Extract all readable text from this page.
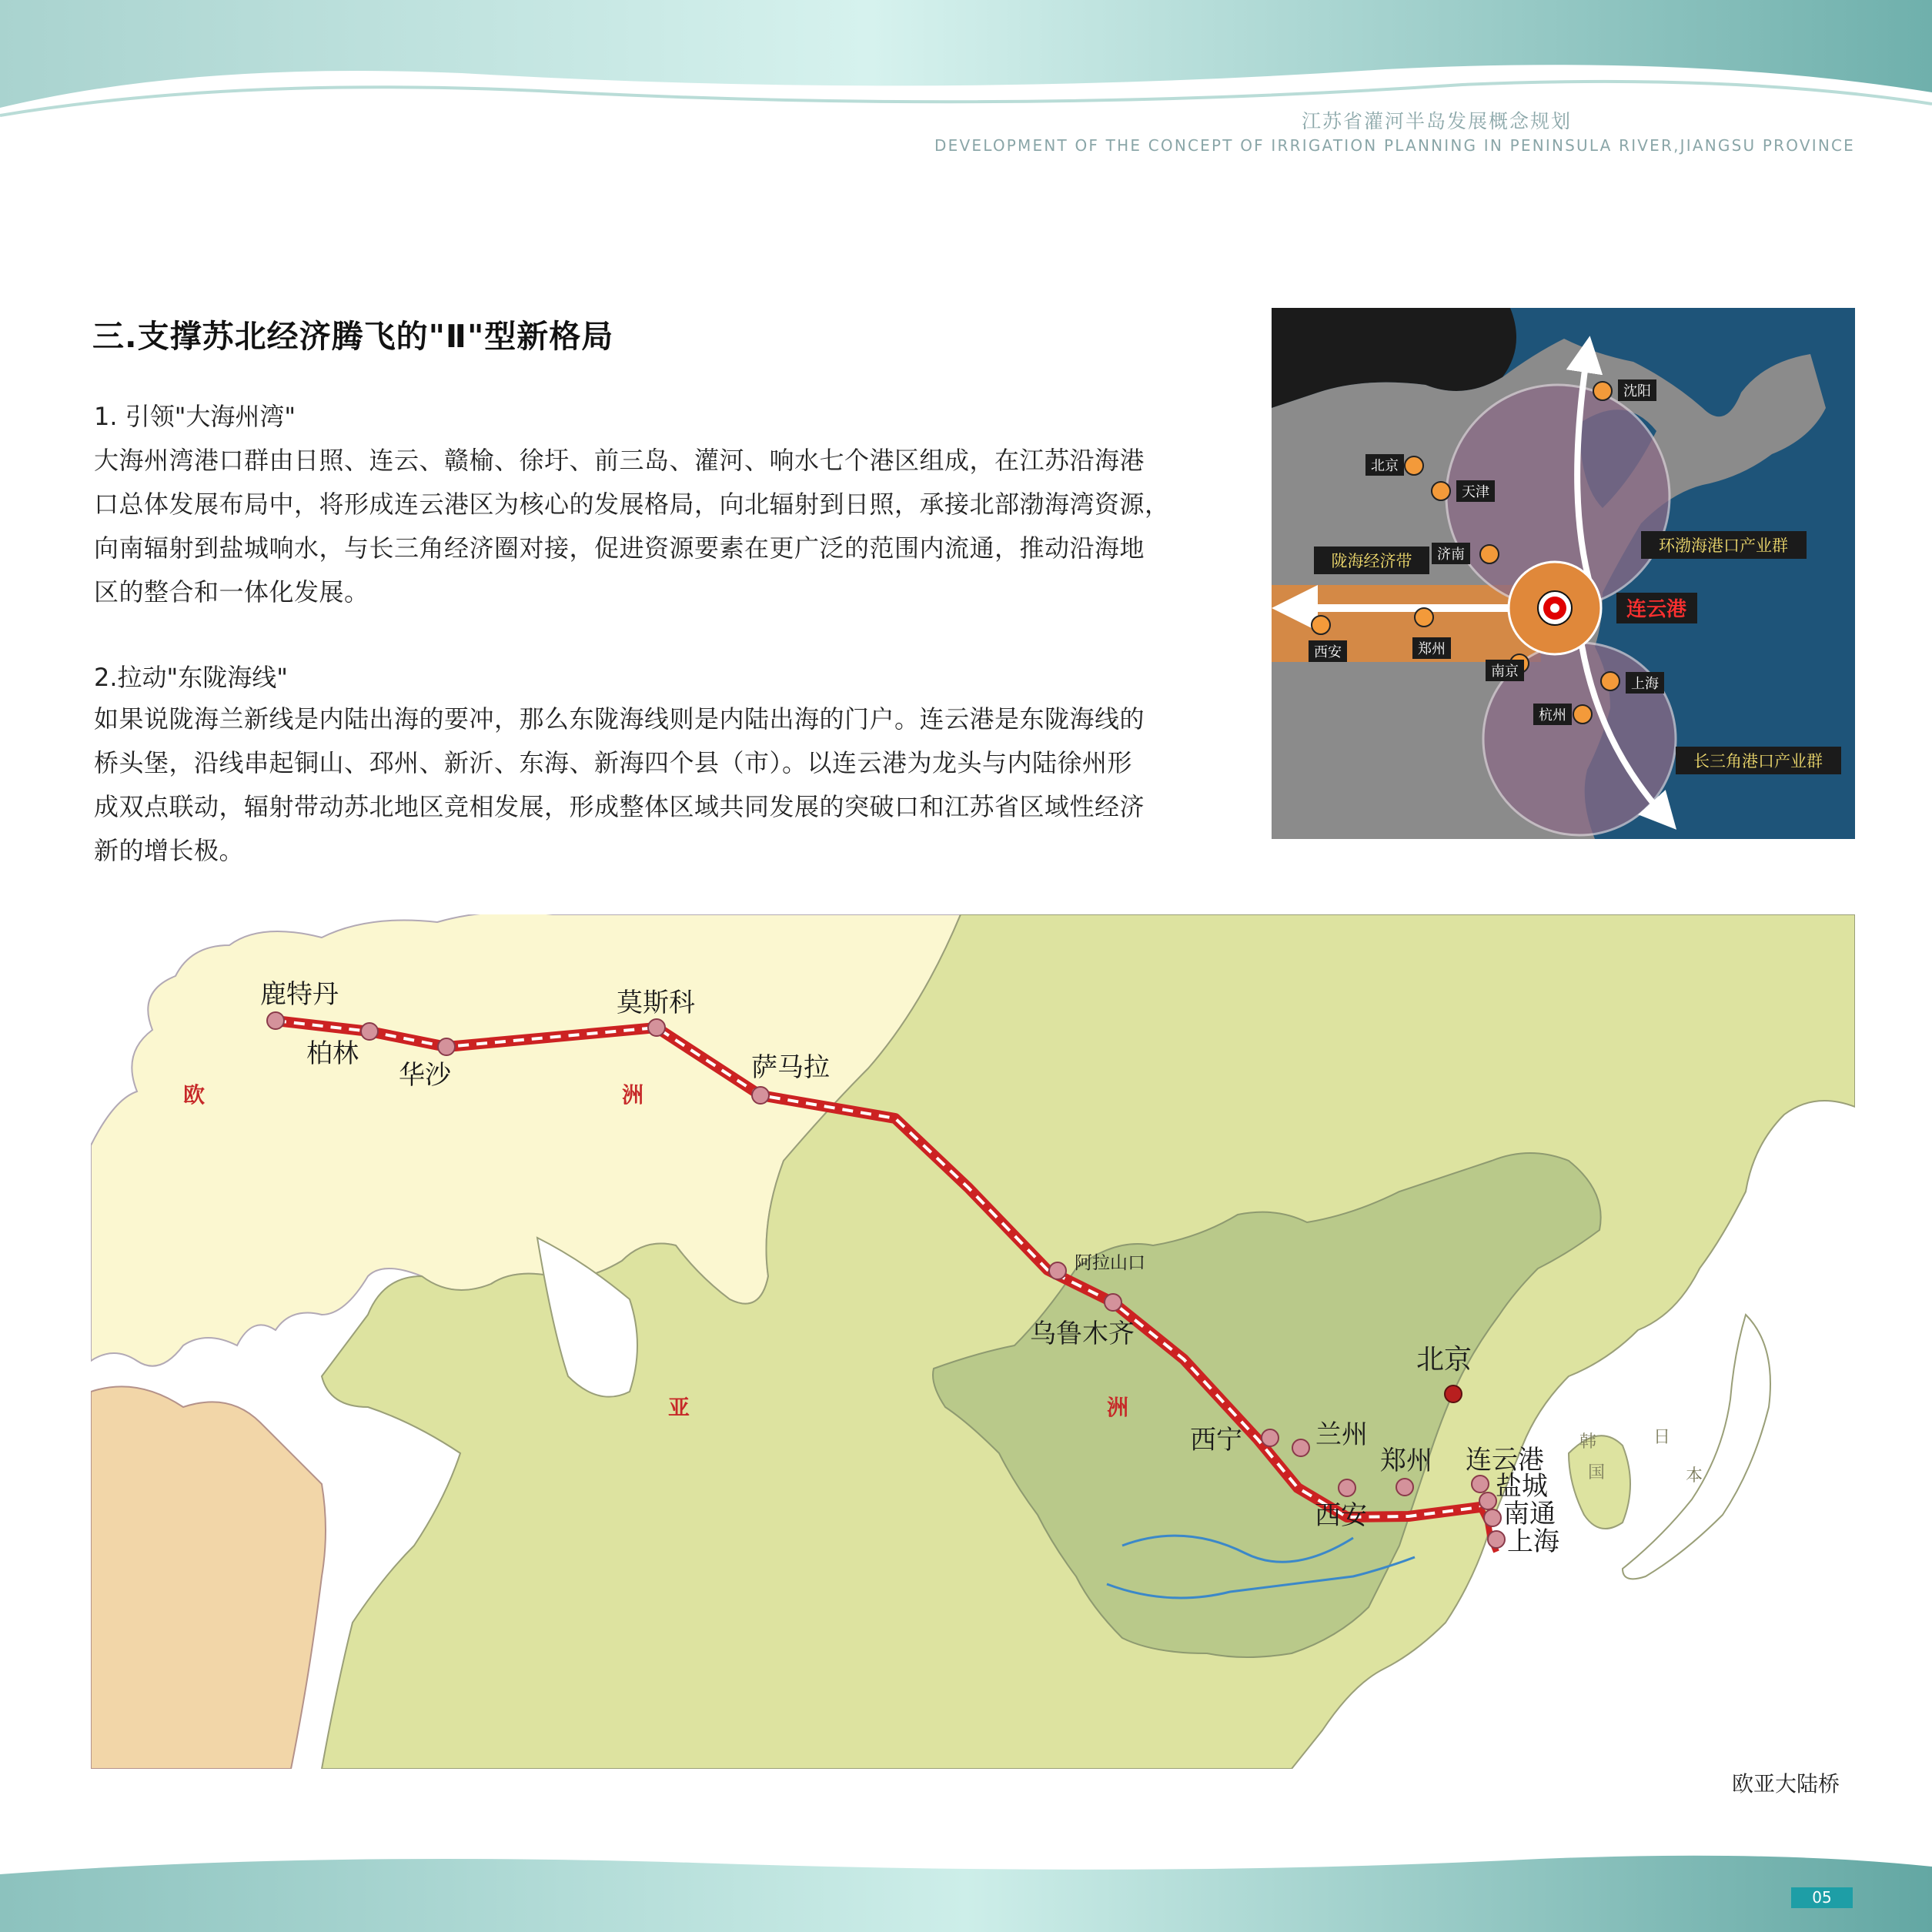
江苏省灌河半岛发展概念规划
DEVELOPMENT OF THE CONCEPT OF IRRIGATION PLANNING IN PENINSULA RIVER,JIANGSU PROVINCE
三.支撑苏北经济腾飞的"Ⅱ"型新格局
1. 引领"大海州湾"
大海州湾港口群由日照、连云、赣榆、徐圩、前三岛、灌河、响水七个港区组成，在江苏沿海港
口总体发展布局中，将形成连云港区为核心的发展格局，向北辐射到日照，承接北部渤海湾资源，
向南辐射到盐城响水，与长三角经济圈对接，促进资源要素在更广泛的范围内流通，推动沿海地
区的整合和一体化发展。
2.拉动"东陇海线"
如果说陇海兰新线是内陆出海的要冲，那么东陇海线则是内陆出海的门户。连云港是东陇海线的
桥头堡，沿线串起铜山、邳州、新沂、东海、新海四个县（市）。以连云港为龙头与内陆徐州形
成双点联动，辐射带动苏北地区竞相发展，形成整体区域共同发展的突破口和江苏省区域性经济
新的增长极。
沈阳
北京
天津
济南
西安	郑州
南京
上海
杭州
连云港
陇海经济带
环渤海港口产业群
长三角港口产业群
鹿特丹
柏林
华沙
莫斯科
萨马拉
阿拉山口
乌鲁木齐
西宁	兰州
西安
郑州 连云港
盐城
南通
上海
北京
欧	洲
亚	洲
韩
国
日
本
欧亚大陆桥
05
